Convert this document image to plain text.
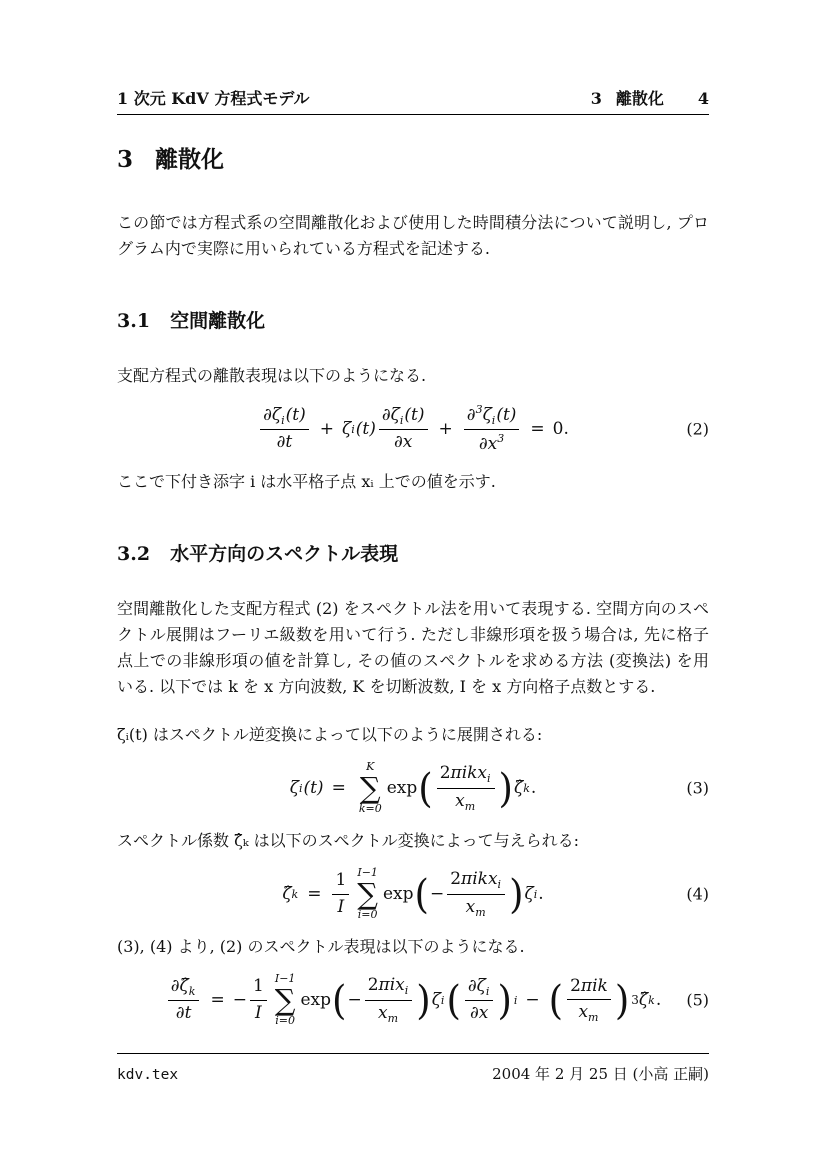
1 次元 KdV 方程式モデル	3 離散化 4
3 離散化

この節では方程式系の空間離散化および使用した時間積分法について説明し, プログラム内で実際に用いられている方程式を記述する.

3.1 空間離散化

支配方程式の離散表現は以下のようになる.

$\partial\zeta_i(t)$
∂t
+ ζ i (t)
$\partial\zeta_i(t)$
∂x
+ $\frac{\partial^3\zeta_i(t)}{\partial x^3} = 0$.	(2)

ここで下付き添字 i は水平格子点 xᵢ 上での値を示す.

3.2 水平方向のスペクトル表現

空間離散化した支配方程式 (2) をスペクトル法を用いて表現する. 空間方向のスペクトル展開はフーリエ級数を用いて行う. ただし非線形項を扱う場合は, 先に格子点上での非線形項の値を計算し, その値のスペクトルを求める方法 (変換法) を用いる. 以下では k を x 方向波数, K を切断波数, I を x 方向格子点数とする.

ζᵢ(t) はスペクトル逆変換によって以下のように展開される:

ζ i (t) =
K
∑
k=0
exp ( 2πikx$_i$
$x_m$ ) ζ̂ k .	(3)

スペクトル係数 ζ̂ₖ は以下のスペクトル変換によって与えられる:

ζ̂ $k = \frac{1}{I} I-1$
∑
i=0
exp ( −
2πikx$_i$
$x_m$ ) ζ i .	(4)

(3), (4) より, (2) のスペクトル表現は以下のようになる.

$\frac{\partial\zetâ_k}{\partial t}$ = − $\frac{1}{I} I-1$
∑
i=0
exp ( −
2πix$_i$
$x_m$ ) ζ i ( $\partial\zeta_i$
∂x ) i − ( 2πik
$x_m$ ) 3 ζ̂ k . (5)
kdv.tex	2004 年 2 月 25 日 (小高 正嗣)
